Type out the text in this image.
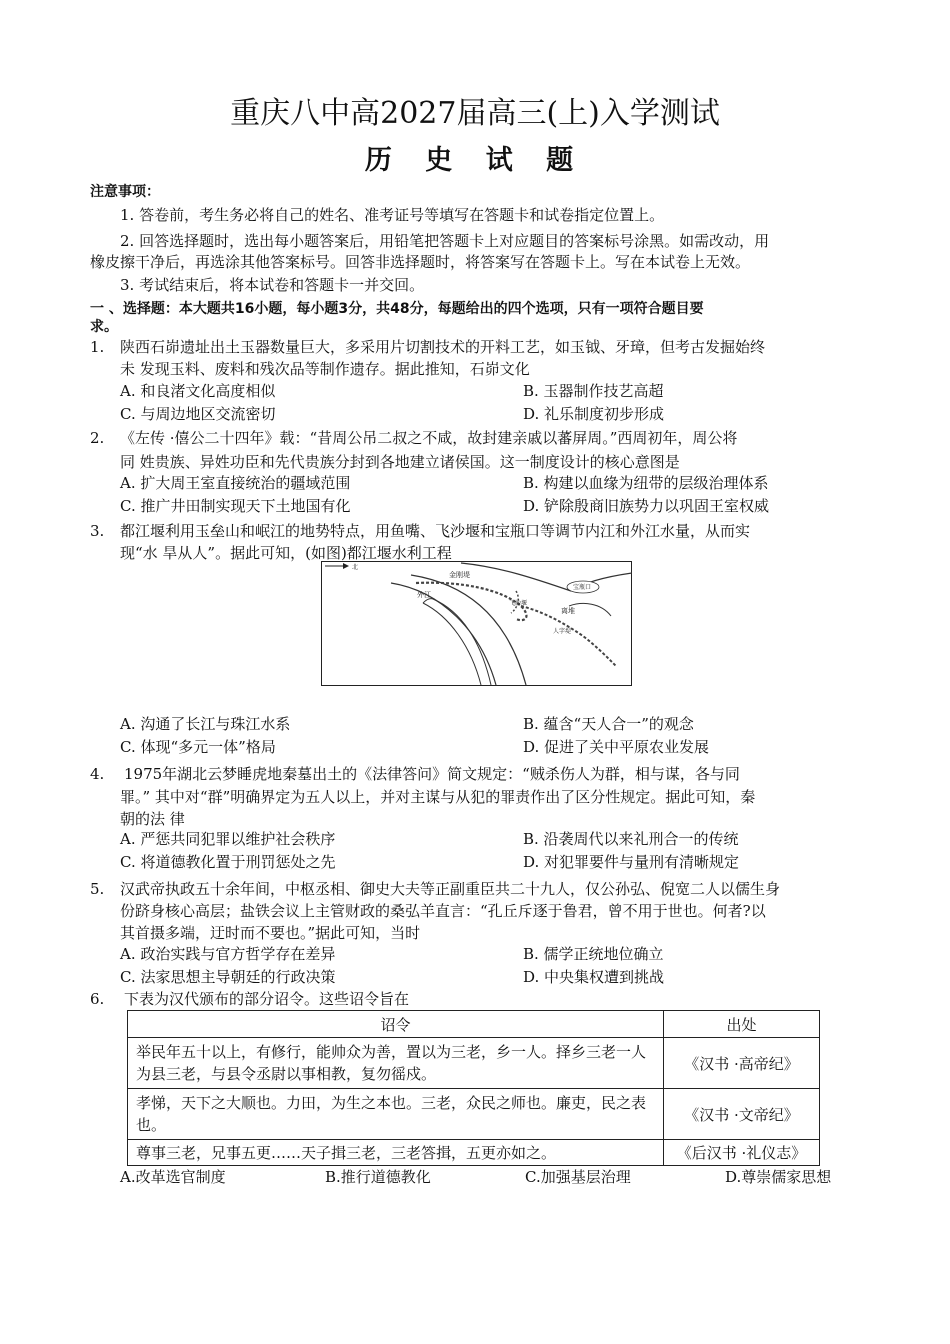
重庆八中高2027届高三(上)入学测试
历 史 试 题
注意事项：
1. 答卷前，考生务必将自己的姓名、准考证号等填写在答题卡和试卷指定位置上。
2. 回答选择题时，选出每小题答案后，用铅笔把答题卡上对应题目的答案标号涂黑。如需改动，用
橡皮擦干净后，再选涂其他答案标号。回答非选择题时，将答案写在答题卡上。写在本试卷上无效。
3. 考试结束后，将本试卷和答题卡一并交回。
一 、选择题：本大题共16小题，每小题3分，共48分，每题给出的四个选项，只有一项符合题目要
求。
1. 陕西石峁遗址出土玉器数量巨大，多采用片切割技术的开料工艺，如玉钺、牙璋，但考古发掘始终
未 发现玉料、废料和残次品等制作遗存。据此推知，石峁文化
A. 和良渚文化高度相似	B. 玉器制作技艺高超
C. 与周边地区交流密切	D. 礼乐制度初步形成
2. 《左传 ·僖公二十四年》载：“昔周公吊二叔之不咸，故封建亲戚以蕃屏周。”西周初年，周公将
同 姓贵族、异姓功臣和先代贵族分封到各地建立诸侯国。这一制度设计的核心意图是
A. 扩大周王室直接统治的疆域范围	B. 构建以血缘为纽带的层级治理体系
C. 推广井田制实现天下土地国有化	D. 铲除殷商旧族势力以巩固王室权威
3. 都江堰利用玉垒山和岷江的地势特点，用鱼嘴、飞沙堰和宝瓶口等调节内江和外江水量，从而实
现“水 旱从人”。据此可知，(如图)都江堰水利工程
北
金刚堤
外江
飞沙堰
宝瓶口
离堆
人字堤
A. 沟通了长江与珠江水系	B. 蕴含“天人合一”的观念
C. 体现“多元一体”格局	D. 促进了关中平原农业发展
4. 1975年湖北云梦睡虎地秦墓出土的《法律答问》简文规定：“贼杀伤人为群，相与谋，各与同
罪。” 其中对“群”明确界定为五人以上，并对主谋与从犯的罪责作出了区分性规定。据此可知，秦
朝的法 律
A. 严惩共同犯罪以维护社会秩序	B. 沿袭周代以来礼刑合一的传统
C. 将道德教化置于刑罚惩处之先	D. 对犯罪要件与量刑有清晰规定
5. 汉武帝执政五十余年间，中枢丞相、御史大夫等正副重臣共二十九人，仅公孙弘、倪宽二人以儒生身
份跻身核心高层；盐铁会议上主管财政的桑弘羊直言：“孔丘斥逐于鲁君，曾不用于世也。何者?以
其首摄多端，迂时而不要也。”据此可知，当时
A. 政治实践与官方哲学存在差异	B. 儒学正统地位确立
C. 法家思想主导朝廷的行政决策	D. 中央集权遭到挑战
6. 下表为汉代颁布的部分诏令。这些诏令旨在
诏令	出处
举民年五十以上，有修行，能帅众为善，置以为三老，乡一人。择乡三老一人为县三老，与县令丞尉以事相教，复勿徭戍。	《汉书 ·高帝纪》
孝悌，天下之大顺也。力田，为生之本也。三老，众民之师也。廉吏，民之表也。	《汉书 ·文帝纪》
尊事三老，兄事五更……天子揖三老，三老答揖，五更亦如之。	《后汉书 ·礼仪志》
A.改革选官制度	B.推行道德教化	C.加强基层治理	D.尊崇儒家思想
